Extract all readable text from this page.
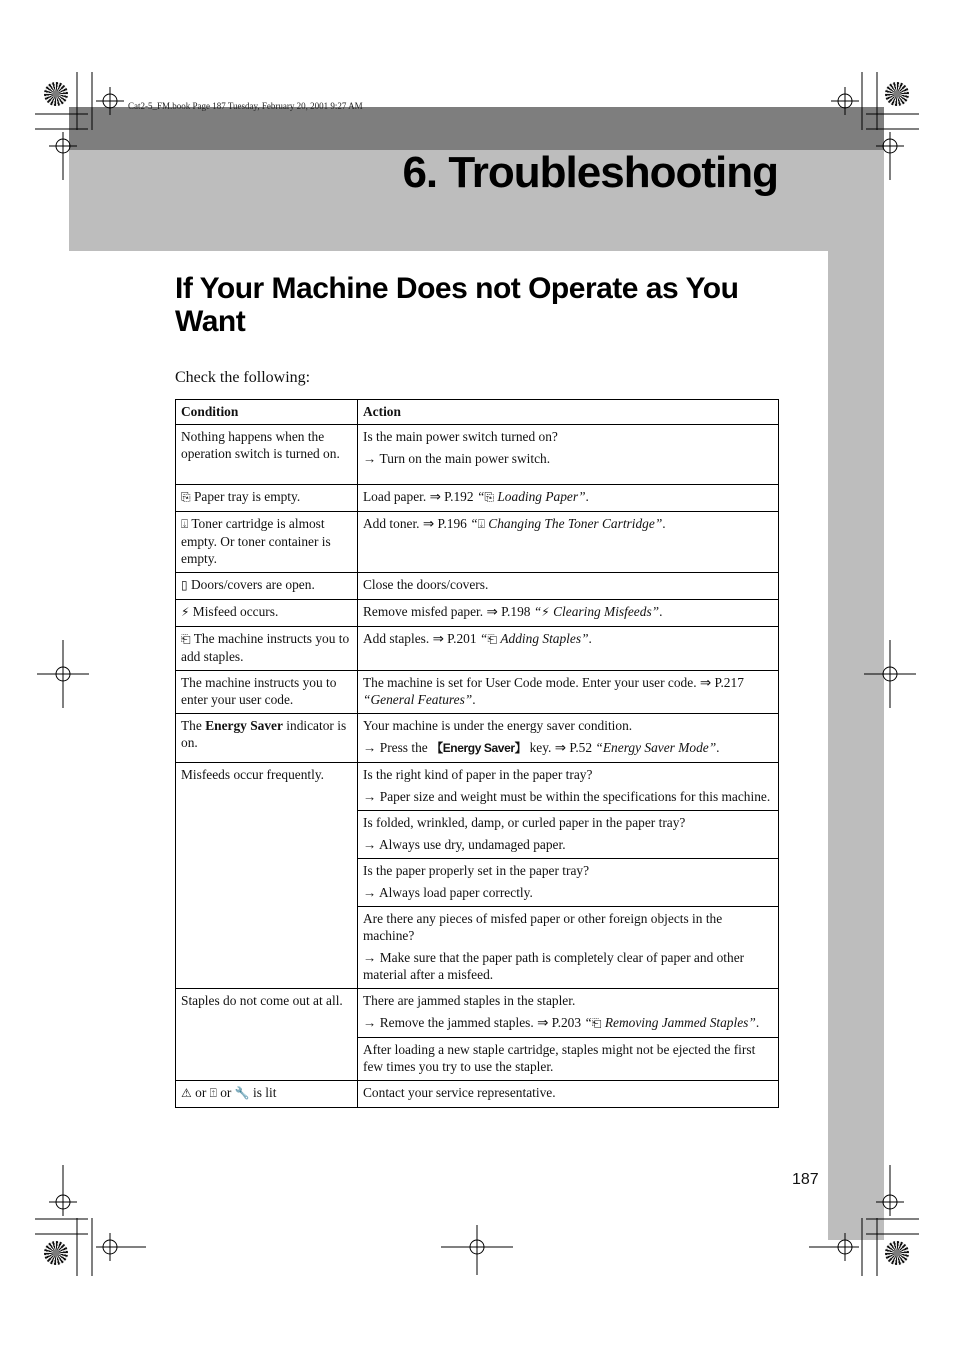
Cat2-5_FM.book Page 187 Tuesday, February 20, 2001 9:27 AM
6. Troubleshooting
If Your Machine Does not Operate as You Want
Check the following:
Condition	Action
Nothing happens when the operation switch is turned on.	Is the main power switch turned on?

→ Turn on the main power switch.

⎘ Paper tray is empty.	Load paper. ⇒ P.192 “⎘ Loading Paper”.
⍗ Toner cartridge is almost empty. Or toner container is empty.	Add toner. ⇒ P.196 “⍗ Changing The Toner Cartridge”.
▯ Doors/covers are open.	Close the doors/covers.
⚡ Misfeed occurs.	Remove misfed paper. ⇒ P.198 “⚡ Clearing Misfeeds”.
⎗ The machine instructs you to add staples.	Add staples. ⇒ P.201 “⎗ Adding Staples”.
The machine instructs you to enter your user code.	The machine is set for User Code mode. Enter your user code. ⇒ P.217 “General Features”.
The Energy Saver indicator is on.	Your machine is under the energy saver condition.

→ Press the 【Energy Saver】 key. ⇒ P.52 “Energy Saver Mode”.

Misfeeds occur frequently.	Is the right kind of paper in the paper tray?

→ Paper size and weight must be within the specifications for this machine.

	Is folded, wrinkled, damp, or curled paper in the paper tray?

→ Always use dry, undamaged paper.

	Is the paper properly set in the paper tray?

→ Always load paper correctly.

	Are there any pieces of misfed paper or other foreign objects in the machine?

→ Make sure that the paper path is completely clear of paper and other material after a misfeed.

Staples do not come out at all.	There are jammed staples in the stapler.

→ Remove the jammed staples. ⇒ P.203 “⎗ Removing Jammed Staples”.

	After loading a new staple cartridge, staples might not be ejected the first few times you try to use the stapler.
⚠ or ⍐ or 🔧 is lit	Contact your service representative.
187
